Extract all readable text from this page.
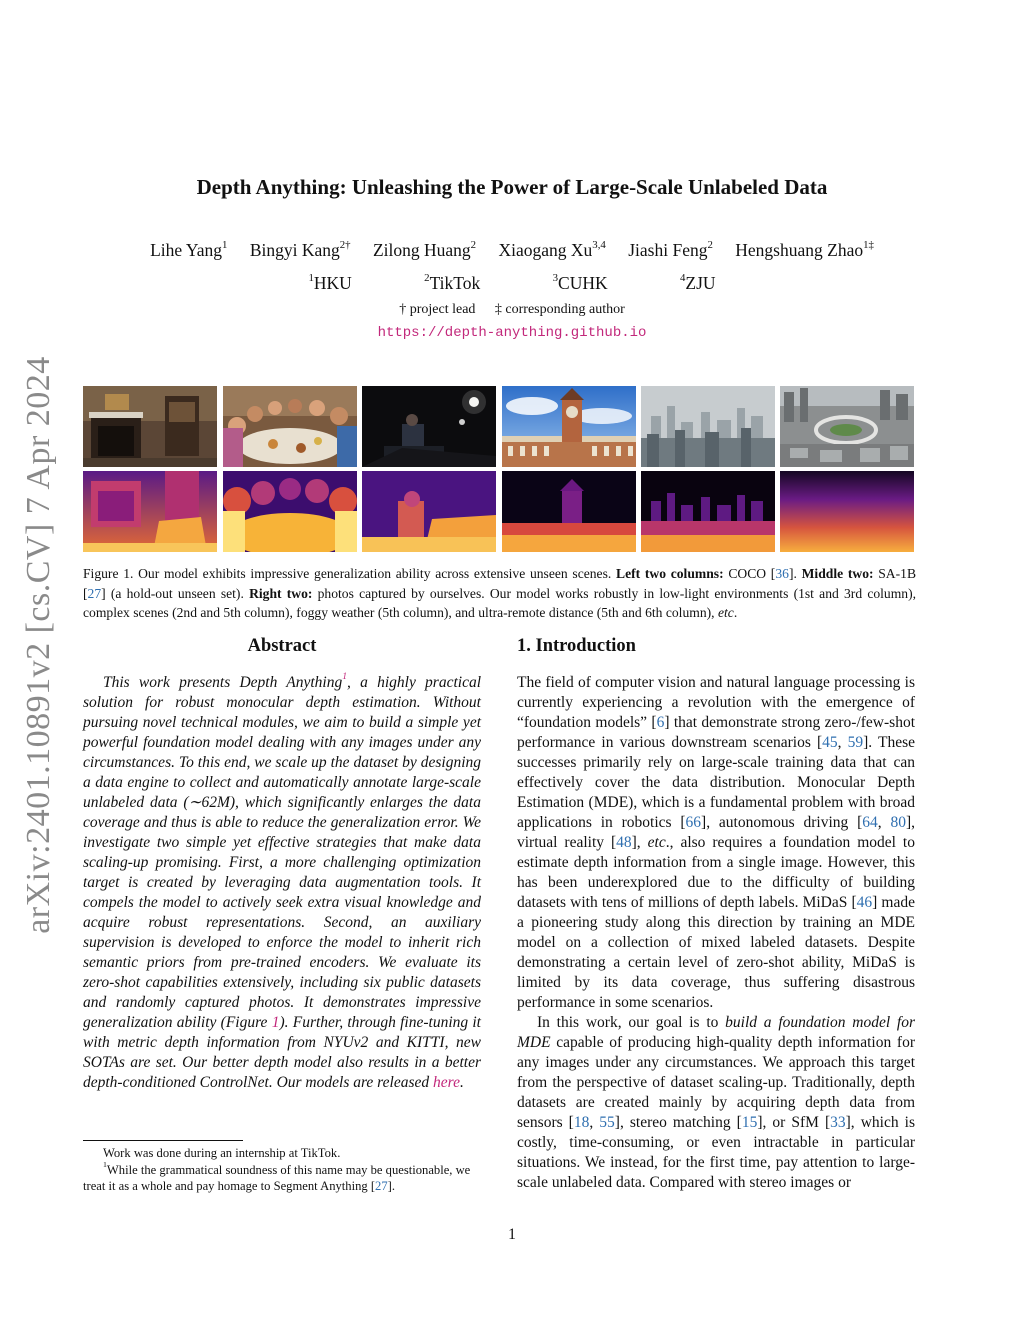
arXiv:2401.10891v2 [cs.CV] 7 Apr 2024
Depth Anything: Unleashing the Power of Large-Scale Unlabeled Data
Lihe Yang$^1$ Bingyi Kang$^{2\dagger}$ Zilong Huang$^2$ Xiaogang Xu$^{3,4}$ Jiashi Feng$^2$ Hengshuang Zhao$^{1\ddagger}$
$^1$HKU	$^2$TikTok	$^3$CUHK	$^4$ZJU
† project lead ‡ corresponding author
https://depth-anything.github.io
Figure 1. Our model exhibits impressive generalization ability across extensive unseen scenes. Left two columns: COCO [36]. Middle two: SA-1B [27] (a hold-out unseen set). Right two: photos captured by ourselves. Our model works robustly in low-light environments (1st and 3rd column), complex scenes (2nd and 5th column), foggy weather (5th column), and ultra-remote distance (5th and 6th column), etc.
Abstract
This work presents Depth Anything$^1$, a highly practical solution for robust monocular depth estimation. Without pursuing novel technical modules, we aim to build a simple yet powerful foundation model dealing with any images under any circumstances. To this end, we scale up the dataset by designing a data engine to collect and automatically annotate large-scale unlabeled data (∼62M), which significantly enlarges the data coverage and thus is able to reduce the generalization error. We investigate two simple yet effective strategies that make data scaling-up promising. First, a more challenging optimization target is created by leveraging data augmentation tools. It compels the model to actively seek extra visual knowledge and acquire robust representations. Second, an auxiliary supervision is developed to enforce the model to inherit rich semantic priors from pre-trained encoders. We evaluate its zero-shot capabilities extensively, including six public datasets and randomly captured photos. It demonstrates impressive generalization ability (Figure 1). Further, through fine-tuning it with metric depth information from NYUv2 and KITTI, new SOTAs are set. Our better depth model also results in a better depth-conditioned ControlNet. Our models are released here.
1. Introduction

The field of computer vision and natural language processing is currently experiencing a revolution with the emergence of “foundation models” [6] that demonstrate strong zero-/few-shot performance in various downstream scenarios [45, 59]. These successes primarily rely on large-scale training data that can effectively cover the data distribution. Monocular Depth Estimation (MDE), which is a fundamental problem with broad applications in robotics [66], autonomous driving [64, 80], virtual reality [48], etc., also requires a foundation model to estimate depth information from a single image. However, this has been underexplored due to the difficulty of building datasets with tens of millions of depth labels. MiDaS [46] made a pioneering study along this direction by training an MDE model on a collection of mixed labeled datasets. Despite demonstrating a certain level of zero-shot ability, MiDaS is limited by its data coverage, thus suffering disastrous performance in some scenarios.

In this work, our goal is to build a foundation model for MDE capable of producing high-quality depth information for any images under any circumstances. We approach this target from the perspective of dataset scaling-up. Traditionally, depth datasets are created mainly by acquiring depth data from sensors [18, 55], stereo matching [15], or SfM [33], which is costly, time-consuming, or even intractable in particular situations. We instead, for the first time, pay attention to large-scale unlabeled data. Compared with stereo images or

Work was done during an internship at TikTok.
$^1$While the grammatical soundness of this name may be questionable, we treat it as a whole and pay homage to Segment Anything [27].
1
